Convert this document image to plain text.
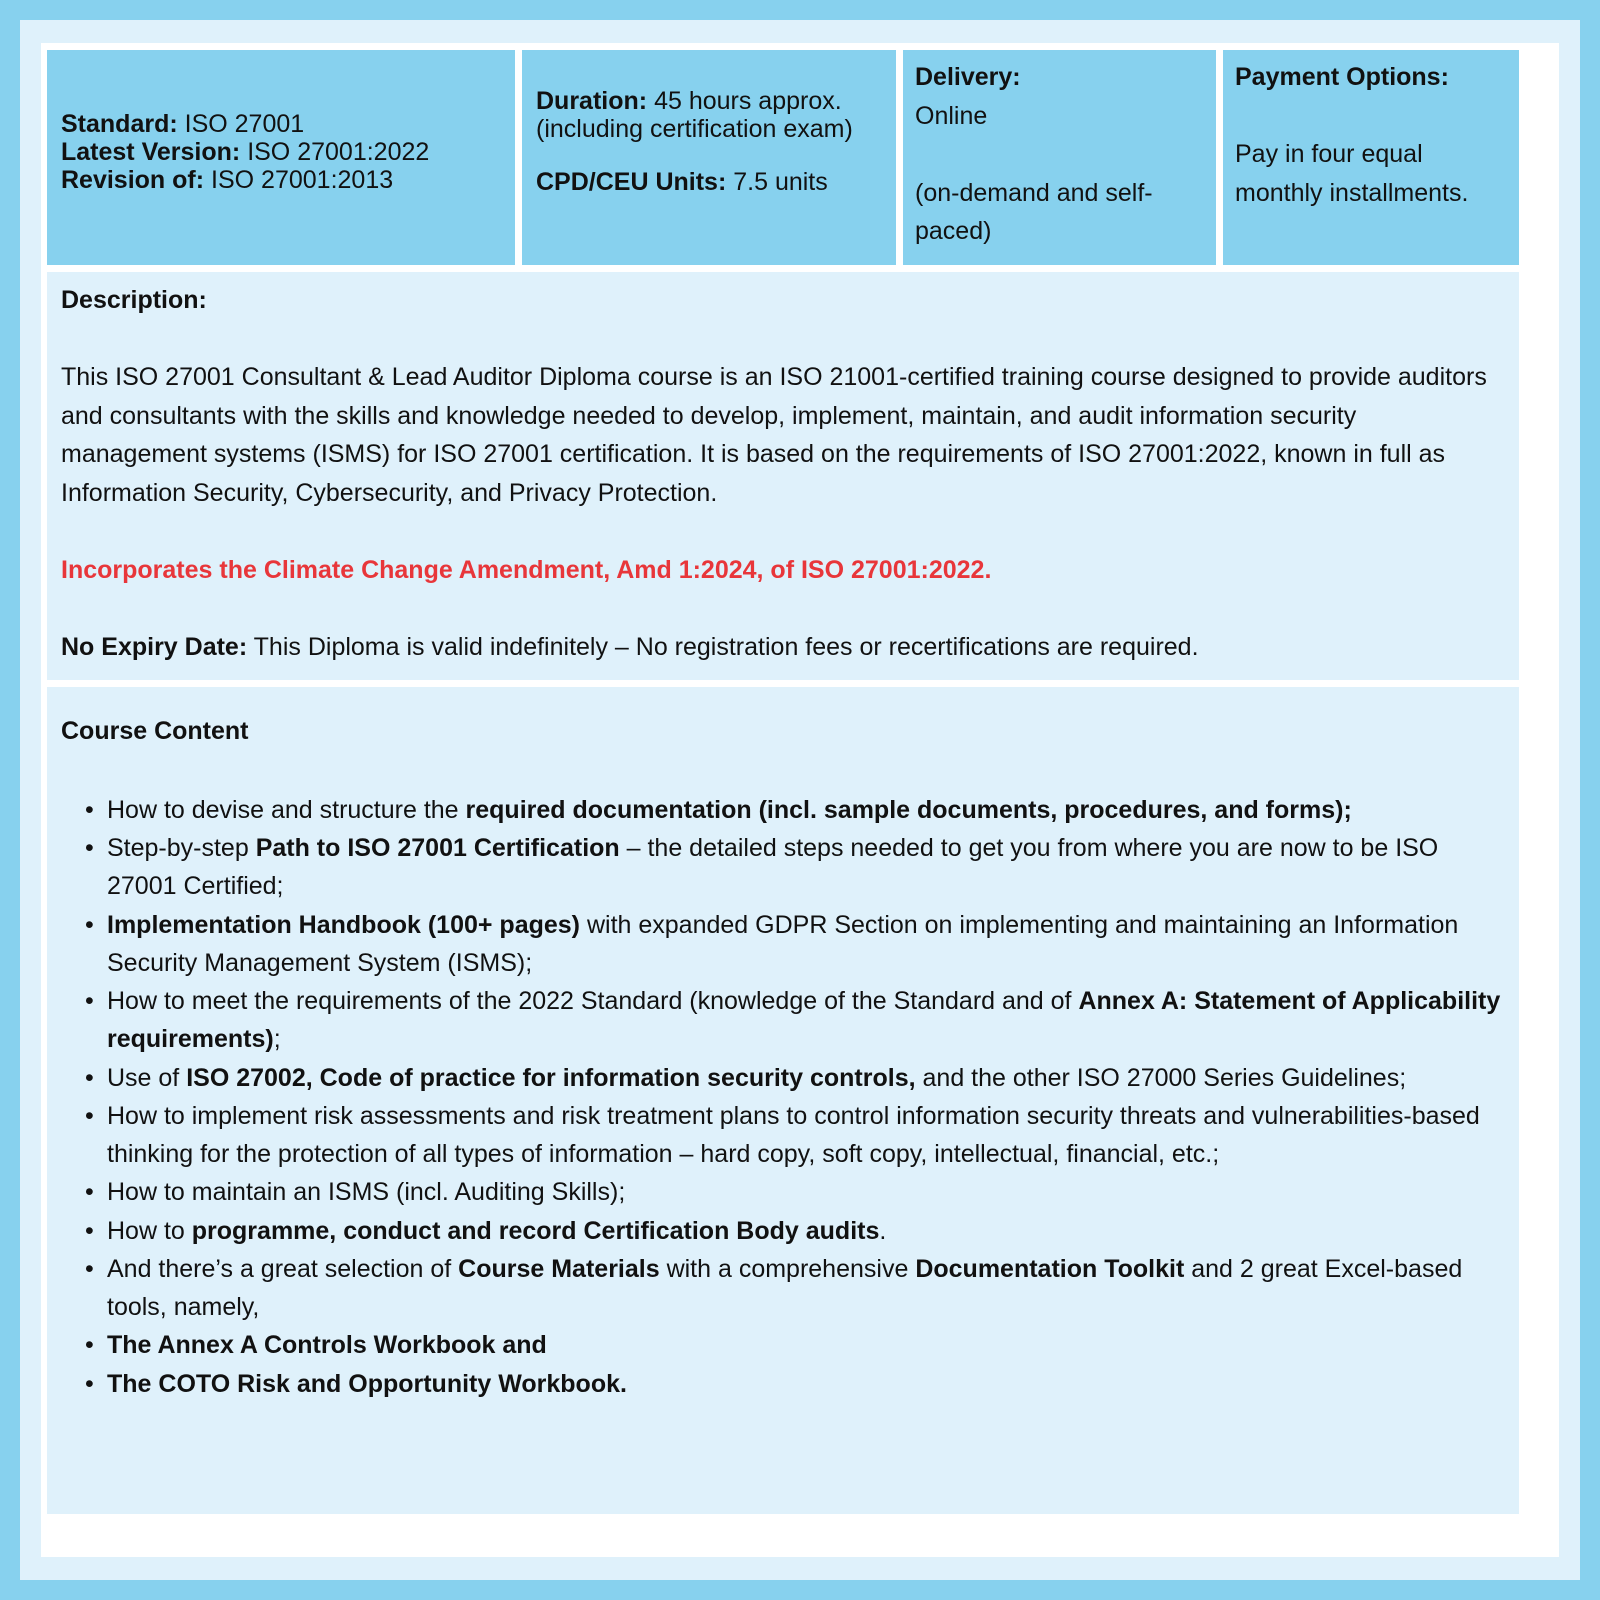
Standard: ISO 27001
Latest Version: ISO 27001:2022
Revision of: ISO 27001:2013
Duration: 45 hours approx.
(including certification exam)
CPD/CEU Units: 7.5 units
Delivery:
Online
(on-demand and self-paced)
Payment Options:
Pay in four equal monthly installments.
Description:
This ISO 27001 Consultant & Lead Auditor Diploma course is an ISO 21001-certified training course designed to provide auditors and consultants with the skills and knowledge needed to develop, implement, maintain, and audit information security management systems (ISMS) for ISO 27001 certification. It is based on the requirements of ISO 27001:2022, known in full as Information Security, Cybersecurity, and Privacy Protection.
Incorporates the Climate Change Amendment, Amd 1:2024, of ISO 27001:2022.
No Expiry Date: This Diploma is valid indefinitely – No registration fees or recertifications are required.
Course Content
• How to devise and structure the required documentation (incl. sample documents, procedures, and forms);
• Step-by-step Path to ISO 27001 Certification – the detailed steps needed to get you from where you are now to be ISO 27001 Certified;
• Implementation Handbook (100+ pages) with expanded GDPR Section on implementing and maintaining an Information Security Management System (ISMS);
• How to meet the requirements of the 2022 Standard (knowledge of the Standard and of Annex A: Statement of Applicability requirements);
• Use of ISO 27002, Code of practice for information security controls, and the other ISO 27000 Series Guidelines;
• How to implement risk assessments and risk treatment plans to control information security threats and vulnerabilities-based thinking for the protection of all types of information – hard copy, soft copy, intellectual, financial, etc.;
• How to maintain an ISMS (incl. Auditing Skills);
• How to programme, conduct and record Certification Body audits.
• And there’s a great selection of Course Materials with a comprehensive Documentation Toolkit and 2 great Excel-based tools, namely,
• The Annex A Controls Workbook and
• The COTO Risk and Opportunity Workbook.
